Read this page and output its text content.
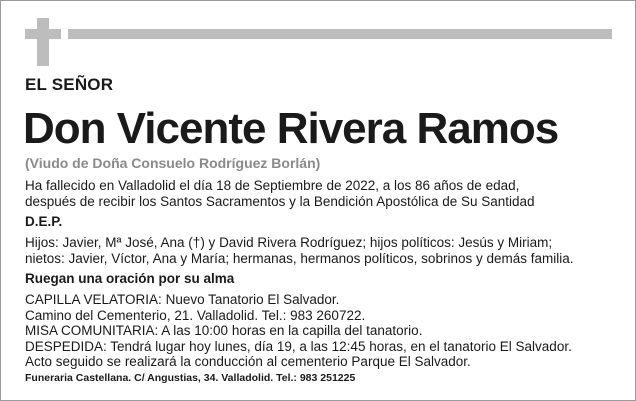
EL SEÑOR
Don Vicente Rivera Ramos
(Viudo de Doña Consuelo Rodríguez Borlán)
Ha fallecido en Valladolid el día 18 de Septiembre de 2022, a los 86 años de edad,
después de recibir los Santos Sacramentos y la Bendición Apostólica de Su Santidad
D.E.P.
Hijos: Javier, Mª José, Ana (†) y David Rivera Rodríguez; hijos políticos: Jesús y Miriam;
nietos: Javier, Víctor, Ana y María; hermanas, hermanos políticos, sobrinos y demás familia.
Ruegan una oración por su alma
CAPILLA VELATORIA: Nuevo Tanatorio El Salvador.
Camino del Cementerio, 21. Valladolid. Tel.: 983 260722.
MISA COMUNITARIA: A las 10:00 horas en la capilla del tanatorio.
DESPEDIDA: Tendrá lugar hoy lunes, día 19, a las 12:45 horas, en el tanatorio El Salvador.
Acto seguido se realizará la conducción al cementerio Parque El Salvador.
Funeraria Castellana. C/ Angustias, 34. Valladolid. Tel.: 983 251225
